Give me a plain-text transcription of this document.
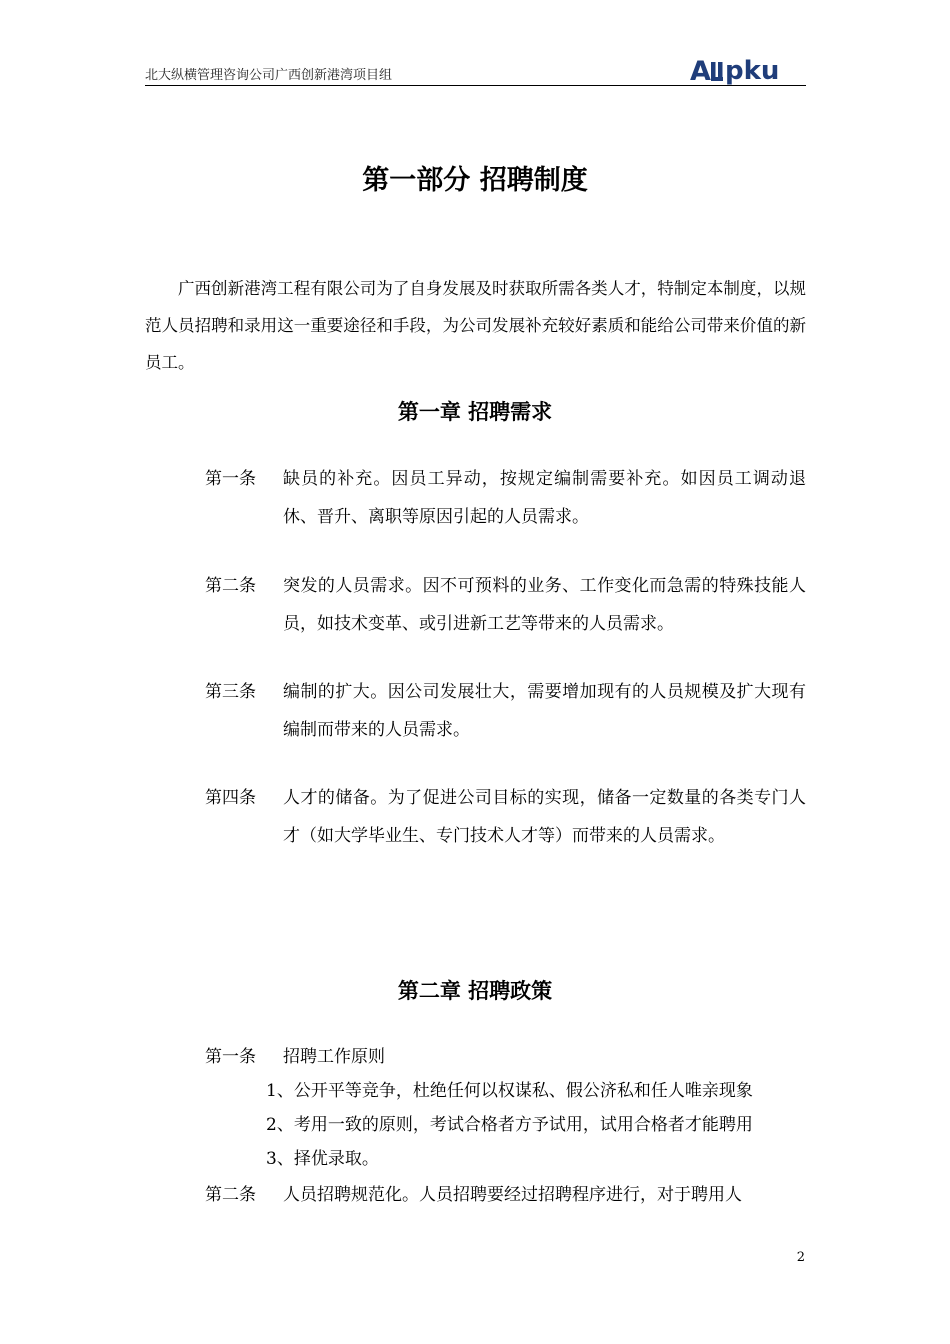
北大纵横管理咨询公司广西创新港湾项目组	A pku
第一部分 招聘制度

广西创新港湾工程有限公司为了自身发展及时获取所需各类人才，特制定本制度，以规范人员招聘和录用这一重要途径和手段，为公司发展补充较好素质和能给公司带来价值的新员工。

第一章 招聘需求
第一条	缺员的补充。因员工异动，按规定编制需要补充。如因员工调动退休、晋升、离职等原因引起的人员需求。
第二条	突发的人员需求。因不可预料的业务、工作变化而急需的特殊技能人员，如技术变革、或引进新工艺等带来的人员需求。
第三条	编制的扩大。因公司发展壮大，需要增加现有的人员规模及扩大现有编制而带来的人员需求。
第四条	人才的储备。为了促进公司目标的实现，储备一定数量的各类专门人才（如大学毕业生、专门技术人才等）而带来的人员需求。
第二章 招聘政策
第一条	招聘工作原则
1、公开平等竞争，杜绝任何以权谋私、假公济私和任人唯亲现象
2、考用一致的原则，考试合格者方予试用，试用合格者才能聘用
3、择优录取。
第二条	人员招聘规范化。人员招聘要经过招聘程序进行，对于聘用人
2
